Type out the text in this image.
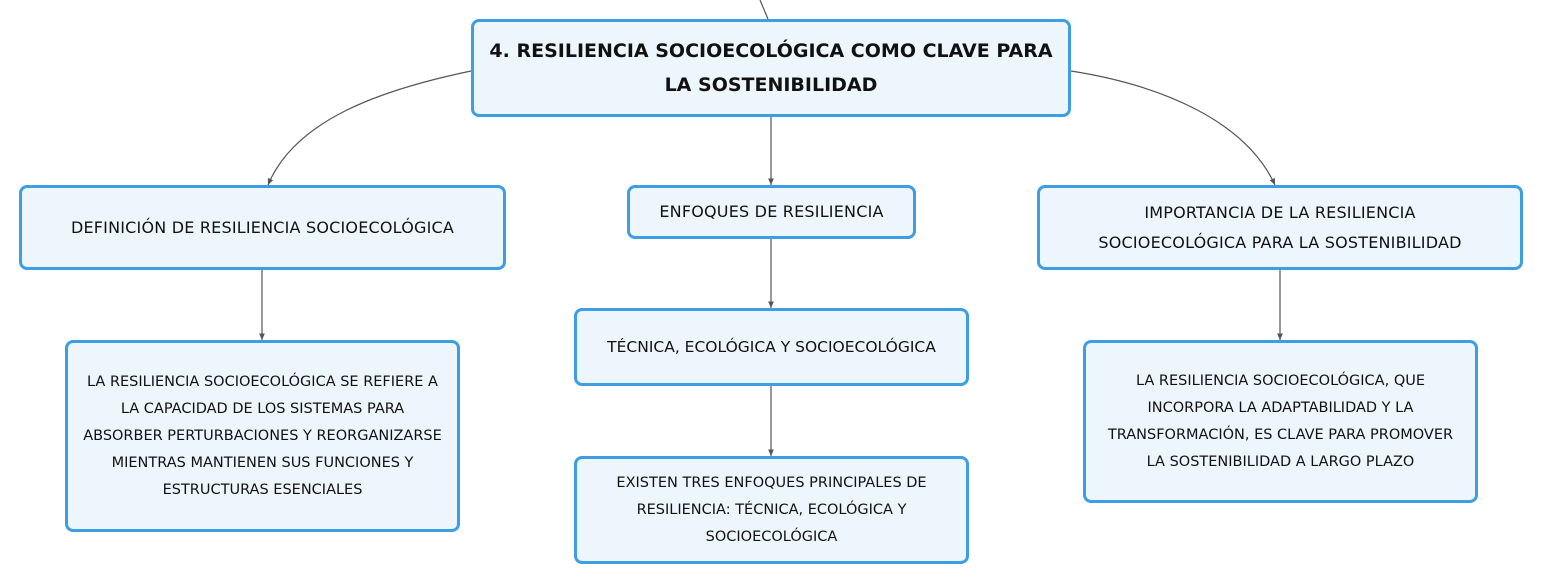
4. RESILIENCIA SOCIOECOLÓGICA COMO CLAVE PARA LA SOSTENIBILIDAD
DEFINICIÓN DE RESILIENCIA SOCIOECOLÓGICA
ENFOQUES DE RESILIENCIA	IMPORTANCIA DE LA RESILIENCIA SOCIOECOLÓGICA PARA LA SOSTENIBILIDAD
LA RESILIENCIA SOCIOECOLÓGICA SE REFIERE A LA CAPACIDAD DE LOS SISTEMAS PARA ABSORBER PERTURBACIONES Y REORGANIZARSE MIENTRAS MANTIENEN SUS FUNCIONES Y ESTRUCTURAS ESENCIALES
TÉCNICA, ECOLÓGICA Y SOCIOECOLÓGICA
EXISTEN TRES ENFOQUES PRINCIPALES DE RESILIENCIA: TÉCNICA, ECOLÓGICA Y SOCIOECOLÓGICA
LA RESILIENCIA SOCIOECOLÓGICA, QUE INCORPORA LA ADAPTABILIDAD Y LA TRANSFORMACIÓN, ES CLAVE PARA PROMOVER LA SOSTENIBILIDAD A LARGO PLAZO
